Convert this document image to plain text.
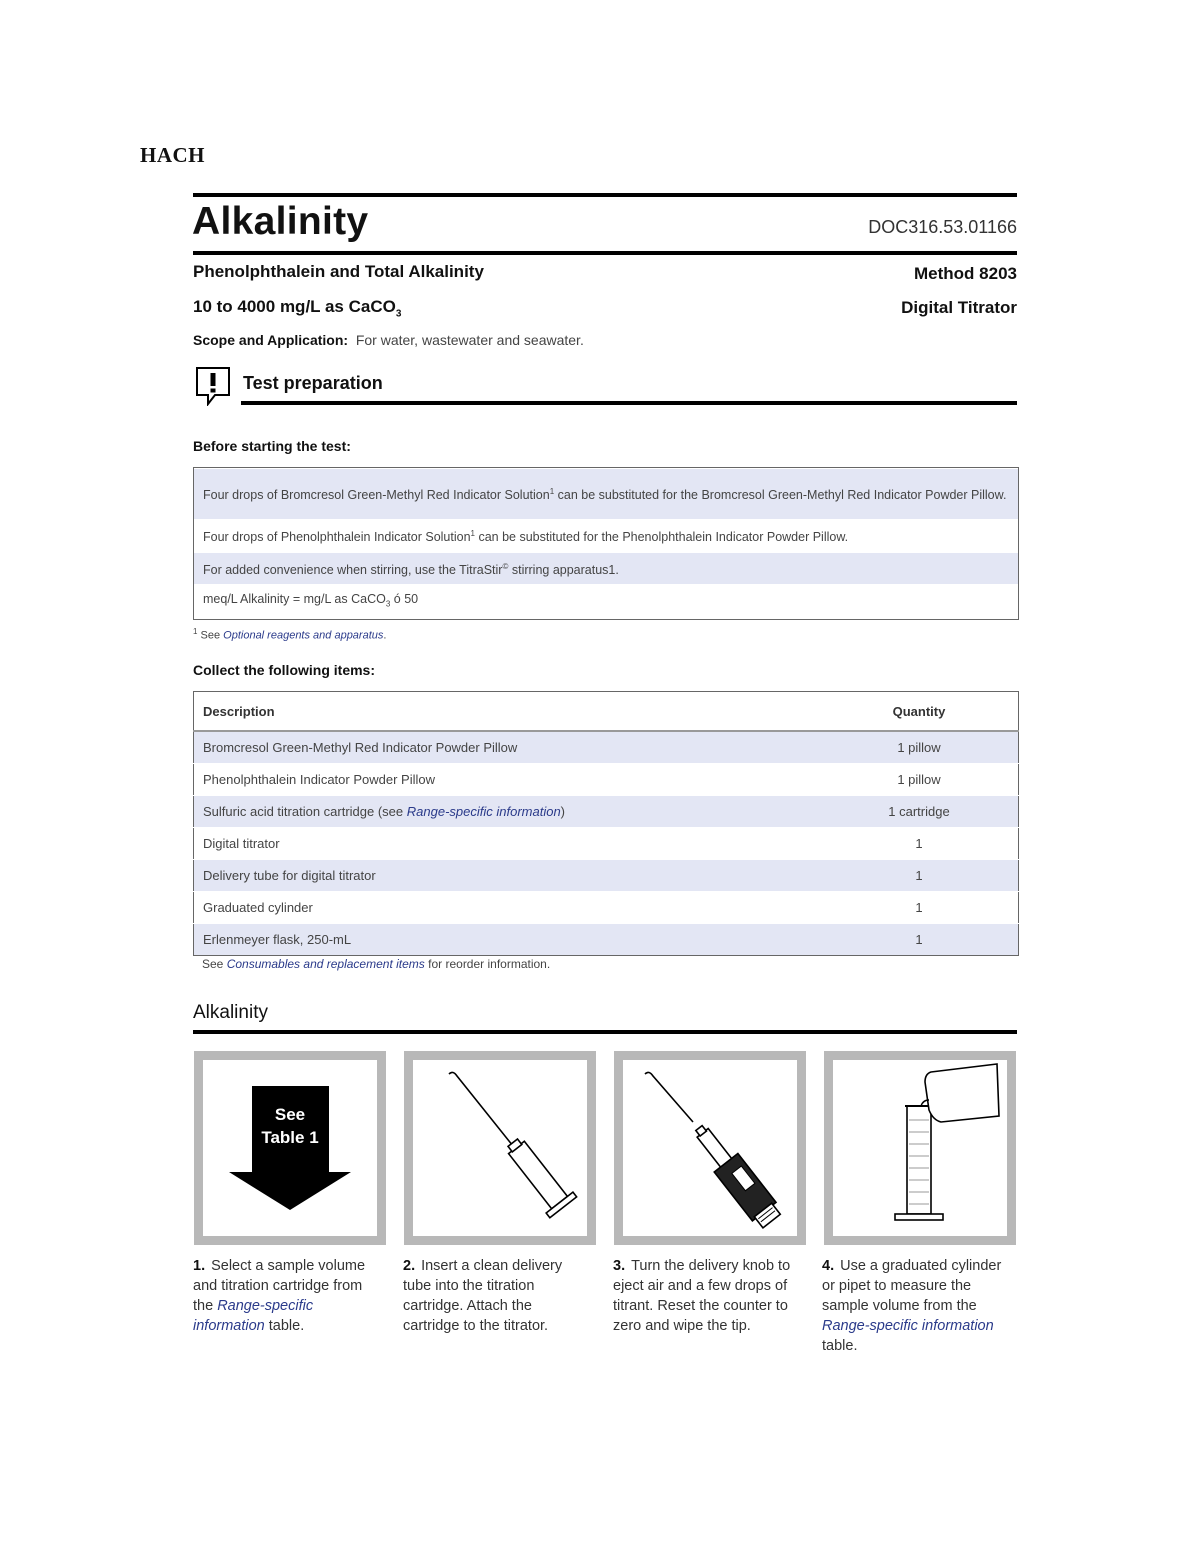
HACH
Alkalinity	DOC316.53.01166
Phenolphthalein and Total Alkalinity	Method 8203
10 to 4000 mg/L as CaCO$_3$	Digital Titrator
Scope and Application: For water, wastewater and seawater.
Test preparation
Before starting the test:
Four drops of Bromcresol Green-Methyl Red Indicator Solution$^1$ can be substituted for the Bromcresol Green-Methyl Red Indicator Powder Pillow.
Four drops of Phenolphthalein Indicator Solution$^1$ can be substituted for the Phenolphthalein Indicator Powder Pillow.
For added convenience when stirring, use the TitraStir© stirring apparatus1.
meq/L Alkalinity = mg/L as CaCO$_3$ ó 50
$^1$ See Optional reagents and apparatus.
Collect the following items:
Description	Quantity
Bromcresol Green-Methyl Red Indicator Powder Pillow	1 pillow
Phenolphthalein Indicator Powder Pillow	1 pillow
Sulfuric acid titration cartridge (see Range-specific information)	1 cartridge
Digital titrator	1
Delivery tube for digital titrator	1
Graduated cylinder	1
Erlenmeyer flask, 250-mL	1
See Consumables and replacement items for reorder information.
Alkalinity
See
Table 1
1. Select a sample volume and titration cartridge from the Range-specific information table.
2. Insert a clean delivery tube into the titration cartridge. Attach the cartridge to the titrator.
3. Turn the delivery knob to eject air and a few drops of titrant. Reset the counter to zero and wipe the tip.
4. Use a graduated cylinder or pipet to measure the sample volume from the Range-specific information table.
